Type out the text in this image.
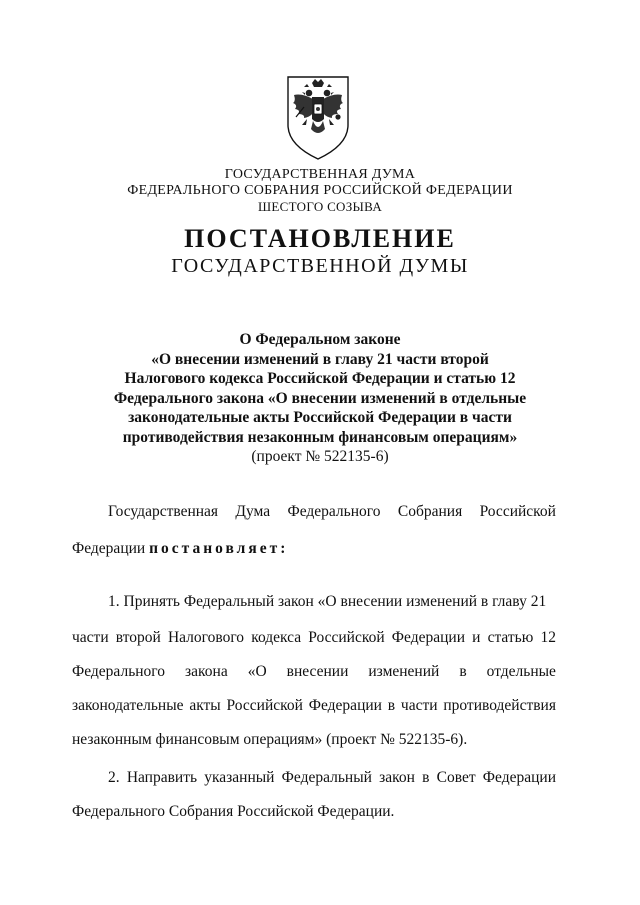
ГОСУДАРСТВЕННАЯ ДУМА
ФЕДЕРАЛЬНОГО СОБРАНИЯ РОССИЙСКОЙ ФЕДЕРАЦИИ
ШЕСТОГО СОЗЫВА
ПОСТАНОВЛЕНИЕ
ГОСУДАРСТВЕННОЙ ДУМЫ
О Федеральном законе
«О внесении изменений в главу 21 части второй
Налогового кодекса Российской Федерации и статью 12
Федерального закона «О внесении изменений в отдельные
законодательные акты Российской Федерации в части
противодействия незаконным финансовым операциям»
(проект № 522135-6)
Государственная Дума Федерального Собрания Российской
Федерации постановляет:
1. Принять Федеральный закон «О внесении изменений в главу 21
части второй Налогового кодекса Российской Федерации и статью 12
Федерального закона «О внесении изменений в отдельные
законодательные акты Российской Федерации в части противодействия
незаконным финансовым операциям» (проект № 522135-6).
2. Направить указанный Федеральный закон в Совет Федерации
Федерального Собрания Российской Федерации.
